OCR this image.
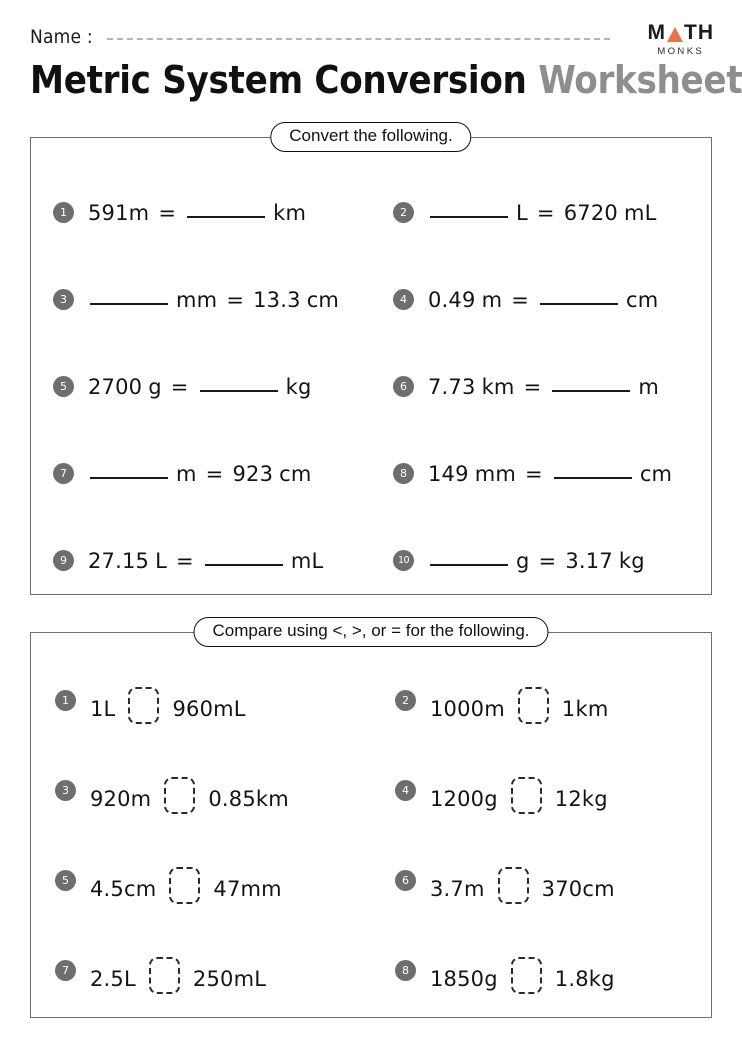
Name :	M TH
MONKS
Metric System Conversion Worksheet
Convert the following.
1	591m =	km	2	L = 6720 mL
3	mm = 13.3 cm	4	0.49 m =	cm
5	2700 g =	kg	6	7.73 km =	m
7	m = 923 cm	8	149 mm =	cm
9	27.15 L =	mL	10	g = 3.17 kg
Compare using <, >, or = for the following.
1	1L	960mL	2	1000m	1km
3	920m	0.85km	4	1200g	12kg
5	4.5cm	47mm	6	3.7m	370cm
7	2.5L	250mL	8	1850g	1.8kg
